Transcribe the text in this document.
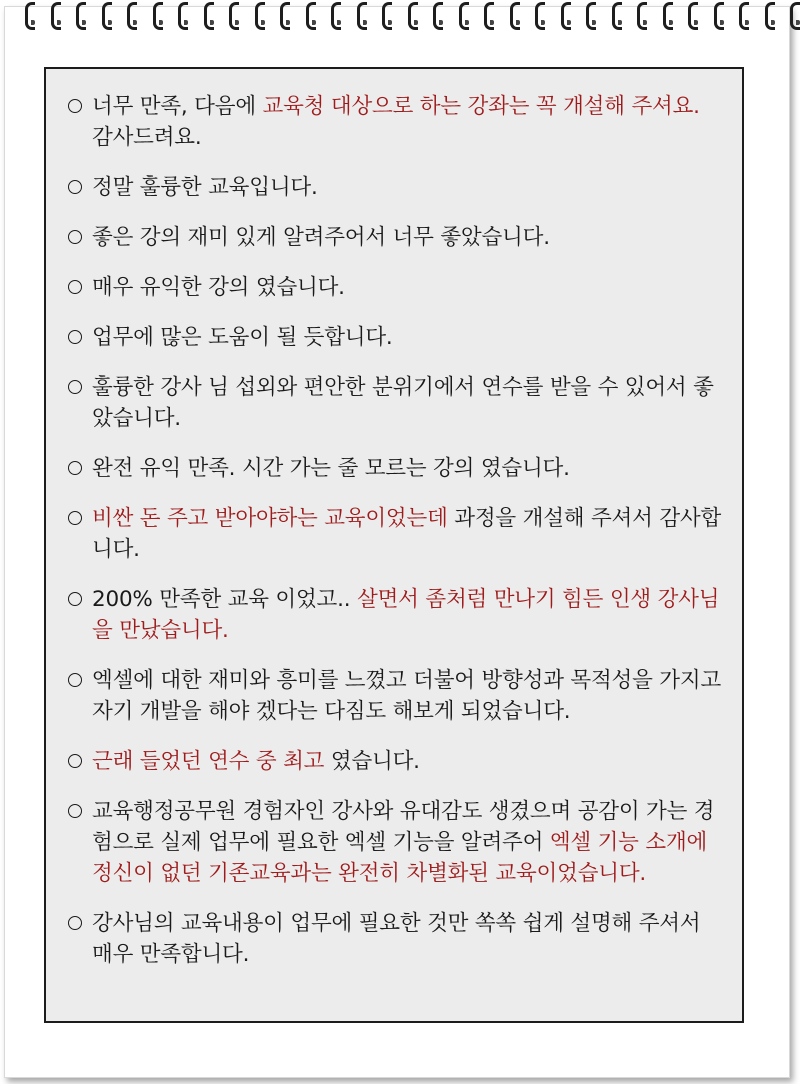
너무 만족, 다음에 교육청 대상으로 하는 강좌는 꼭 개설해 주셔요. 감사드려요.
정말 훌륭한 교육입니다.
좋은 강의 재미 있게 알려주어서 너무 좋았습니다.
매우 유익한 강의 였습니다.
업무에 많은 도움이 될 듯합니다.
훌륭한 강사 님 섭외와 편안한 분위기에서 연수를 받을 수 있어서 좋았습니다.
완전 유익 만족. 시간 가는 줄 모르는 강의 였습니다.
비싼 돈 주고 받아야하는 교육이었는데 과정을 개설해 주셔서 감사합니다.
200% 만족한 교육 이었고.. 살면서 좀처럼 만나기 힘든 인생 강사님을 만났습니다.
엑셀에 대한 재미와 흥미를 느꼈고 더불어 방향성과 목적성을 가지고 자기 개발을 해야 겠다는 다짐도 해보게 되었습니다.
근래 들었던 연수 중 최고 였습니다.
교육행정공무원 경험자인 강사와 유대감도 생겼으며 공감이 가는 경험으로 실제 업무에 필요한 엑셀 기능을 알려주어 엑셀 기능 소개에 정신이 없던 기존교육과는 완전히 차별화된 교육이었습니다.
강사님의 교육내용이 업무에 필요한 것만 쏙쏙 쉽게 설명해 주셔서 매우 만족합니다.
